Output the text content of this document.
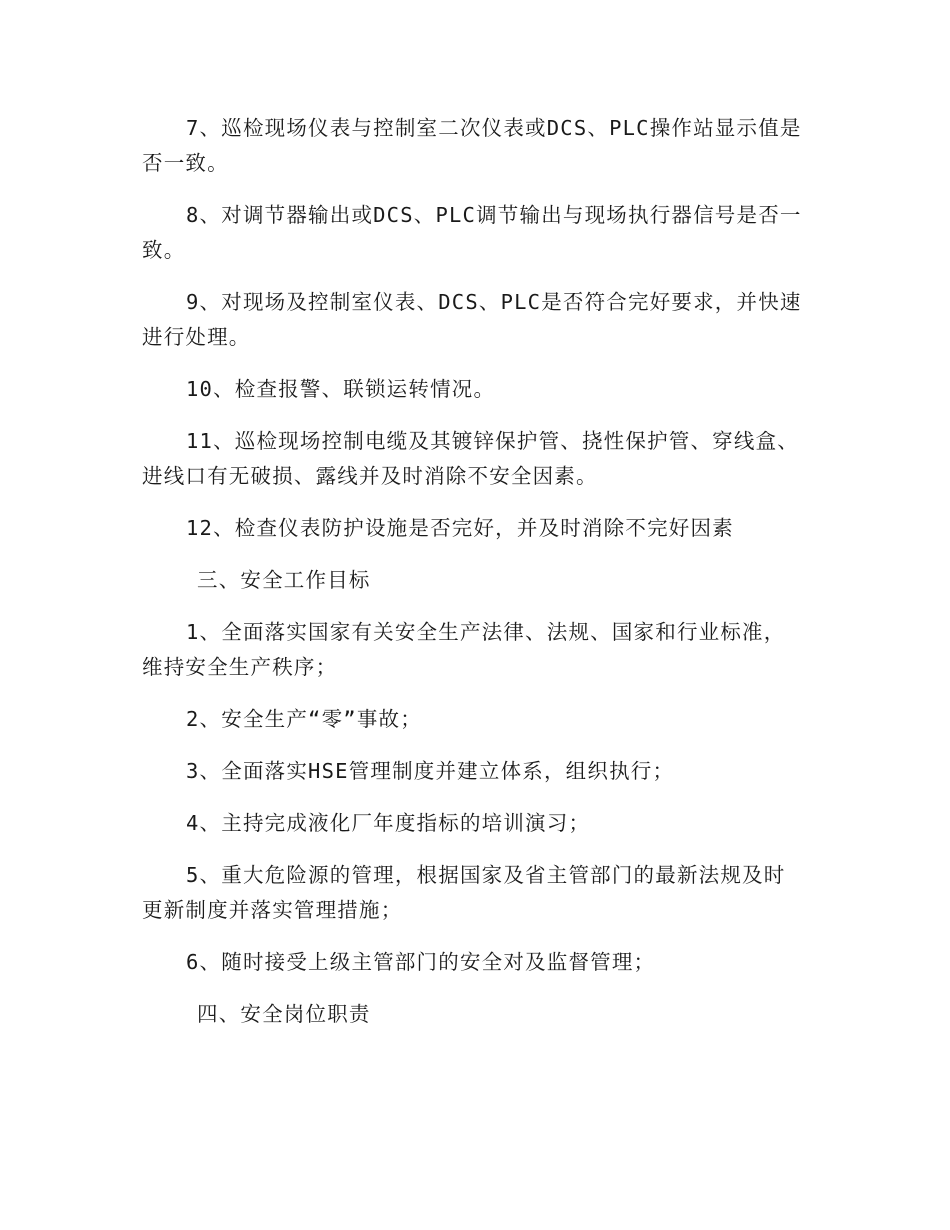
7、巡检现场仪表与控制室二次仪表或DCS、PLC操作站显示值是否一致。

8、对调节器输出或DCS、PLC调节输出与现场执行器信号是否一致。

9、对现场及控制室仪表、DCS、PLC是否符合完好要求，并快速进行处理。

10、检查报警、联锁运转情况。

11、巡检现场控制电缆及其镀锌保护管、挠性保护管、穿线盒、进线口有无破损、露线并及时消除不安全因素。

12、检查仪表防护设施是否完好，并及时消除不完好因素

三、安全工作目标

1、全面落实国家有关安全生产法律、法规、国家和行业标准，维持安全生产秩序；

2、安全生产“零”事故；

3、全面落实HSE管理制度并建立体系，组织执行；

4、主持完成液化厂年度指标的培训演习；

5、重大危险源的管理，根据国家及省主管部门的最新法规及时更新制度并落实管理措施；

6、随时接受上级主管部门的安全对及监督管理；

四、安全岗位职责
